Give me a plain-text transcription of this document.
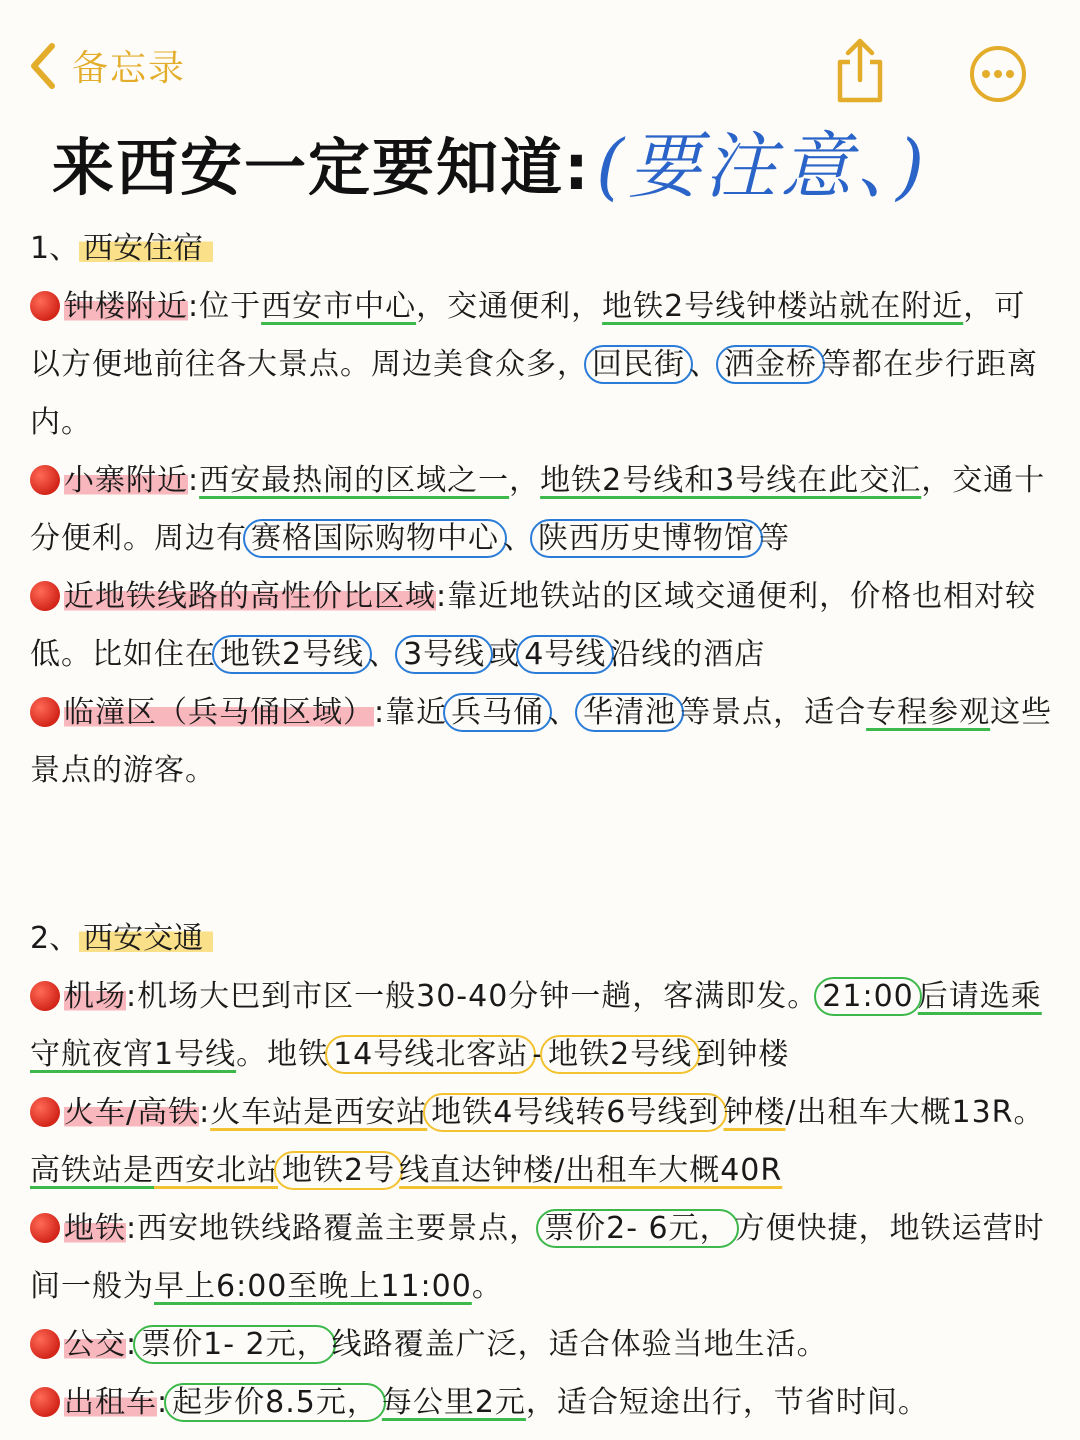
备忘录
来西安一定要知道: (要注意、)
1、 西安住宿
钟楼附近:位于西安市中心，交通便利，地铁2号线钟楼站就在附近，可以方便地前往各大景点。周边美食众多， 回民街 、 洒金桥 等都在步行距离内。
小寨附近:西安最热闹的区域之一，地铁2号线和3号线在此交汇，交通十分便利。周边有 赛格国际购物中心 、 陕西历史博物馆 等
近地铁线路的高性价比区域:靠近地铁站的区域交通便利，价格也相对较低。比如住在 地铁2号线 、 3号线 或 4号线 沿线的酒店
临潼区（兵马俑区域）:靠近 兵马俑 、 华清池 等景点，适合专程参观这些景点的游客。
2、 西安交通
机场:机场大巴到市区一般30-40分钟一趟，客满即发。 21:00 后请选乘守航夜宵1号线。地铁 14号线北客站 - 地铁2号线 到钟楼
火车/高铁:火车站是西安站 地铁4号线转6号线到 钟楼/出租车大概13R。高铁站是西安北站 地铁2号 线直达钟楼/出租车大概40R
地铁:西安地铁线路覆盖主要景点， 票价2- 6元， 方便快捷，地铁运营时间一般为早上6:00至晚上11:00。
公交: 票价1- 2元， 线路覆盖广泛，适合体验当地生活。
出租车: 起步价8.5元， 每公里2元，适合短途出行，节省时间。
